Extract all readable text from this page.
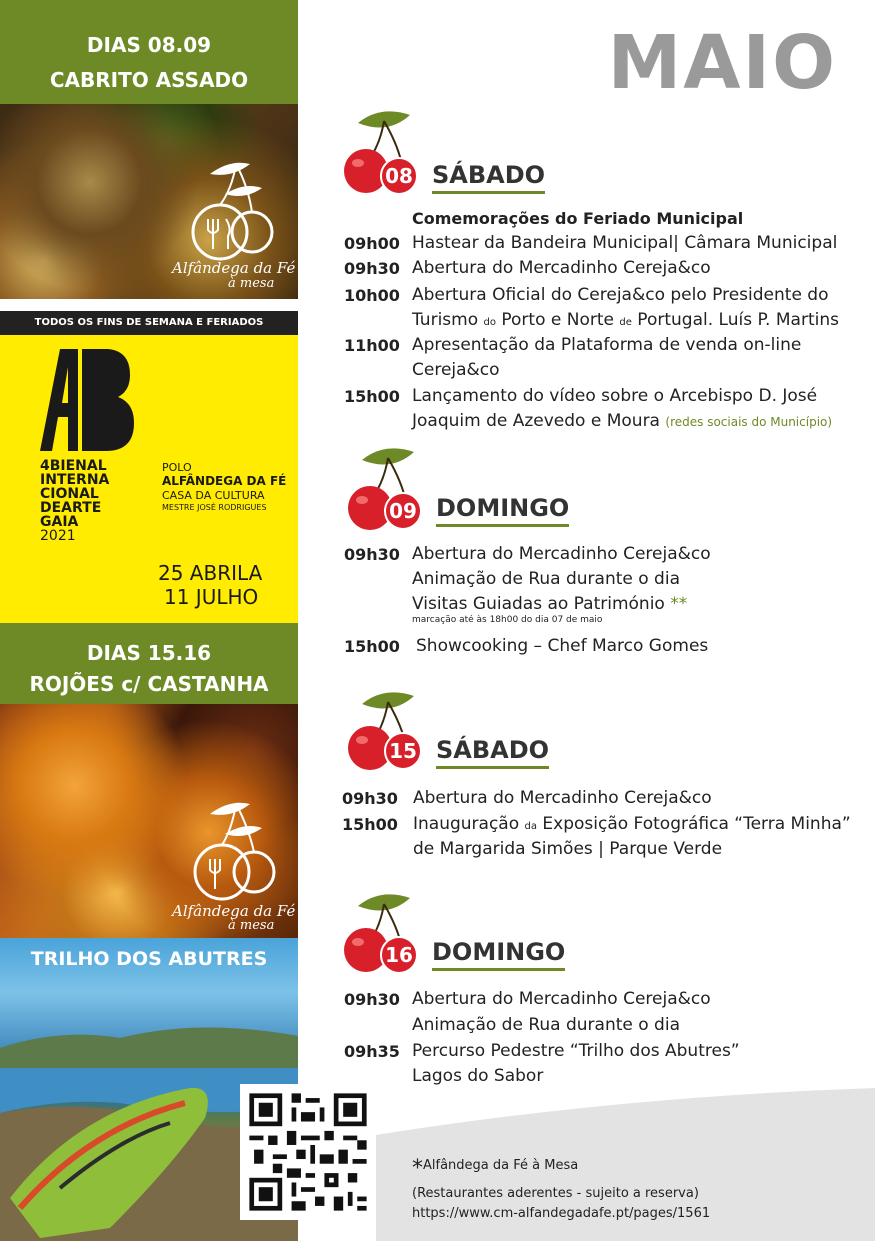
DIAS 08.09
CABRITO ASSADO
Alfândega da Fé
à mesa
TODOS OS FINS DE SEMANA E FERIADOS
4BIENAL
INTERNA
CIONAL
DEARTE
GAIA
2021
POLO
ALFÂNDEGA DA FÉ
CASA DA CULTURA
MESTRE JOSÉ RODRIGUES
25 ABRILA
11 JULHO
DIAS 15.16
ROJÕES c/ CASTANHA
Alfândega da Fé
à mesa
TRILHO DOS ABUTRES
MAIO
08 SÁBADO
Comemorações do Feriado Municipal
09h00 Hastear da Bandeira Municipal| Câmara Municipal
09h30 Abertura do Mercadinho Cereja&co
10h00 Abertura Oficial do Cereja&co pelo Presidente do
Turismo do Porto e Norte de Portugal. Luís P. Martins
11h00 Apresentação da Plataforma de venda on-line
Cereja&co
15h00 Lançamento do vídeo sobre o Arcebispo D. José
Joaquim de Azevedo e Moura (redes sociais do Município)
09 DOMINGO
09h30 Abertura do Mercadinho Cereja&co
Animação de Rua durante o dia
Visitas Guiadas ao Património **
marcação até às 18h00 do dia 07 de maio
15h00 Showcooking – Chef Marco Gomes
15 SÁBADO
09h30 Abertura do Mercadinho Cereja&co
15h00 Inauguração da Exposição Fotográfica “Terra Minha”
de Margarida Simões | Parque Verde
16 DOMINGO
09h30 Abertura do Mercadinho Cereja&co
Animação de Rua durante o dia
09h35 Percurso Pedestre “Trilho dos Abutres”
Lagos do Sabor
*Alfândega da Fé à Mesa
(Restaurantes aderentes - sujeito a reserva)
https://www.cm-alfandegadafe.pt/pages/1561
